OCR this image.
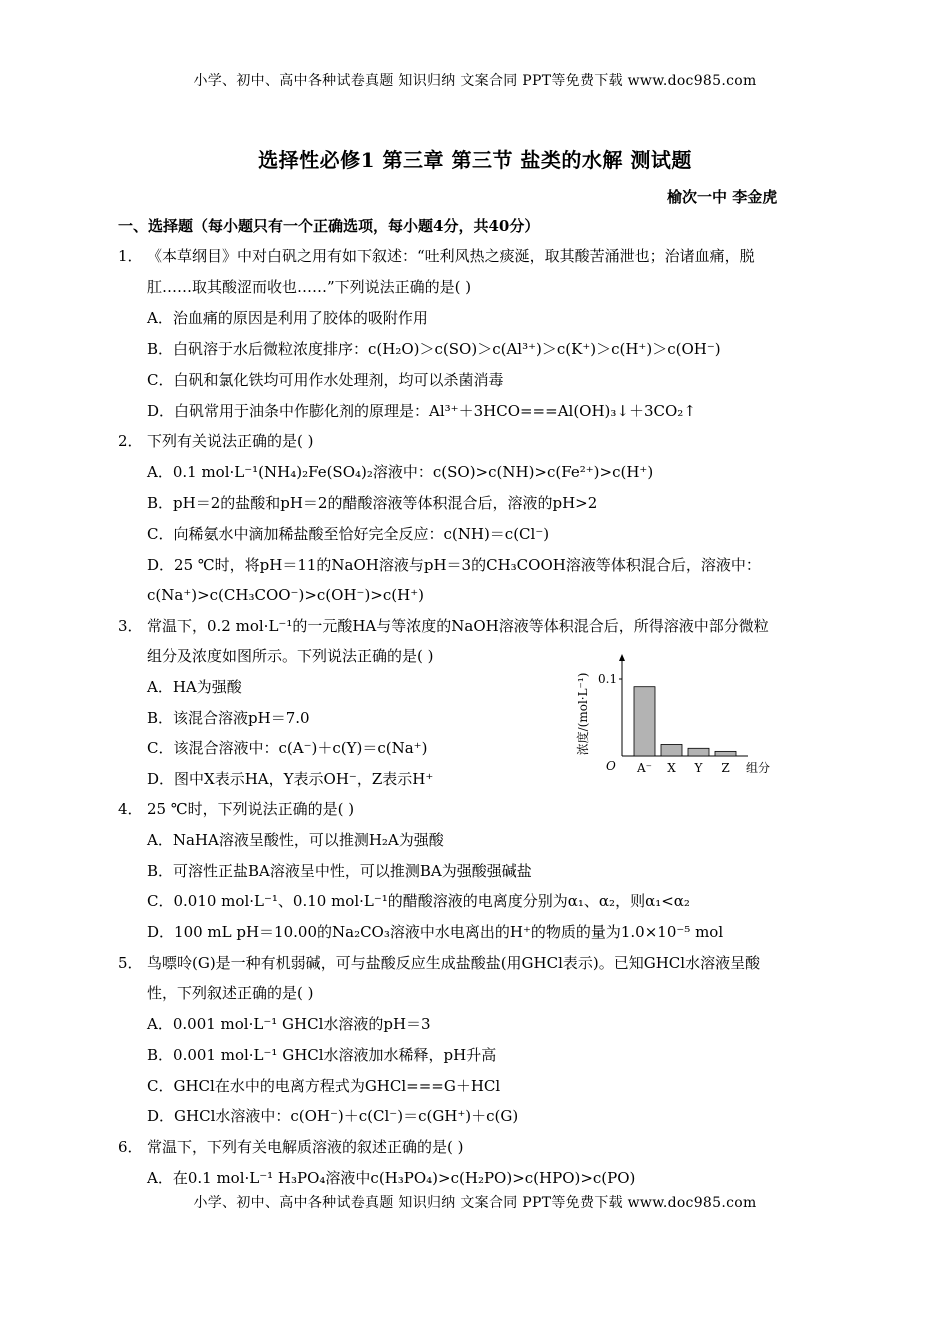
小学、初中、高中各种试卷真题 知识归纳 文案合同 PPT等免费下载 www.doc985.com
选择性必修1 第三章 第三节 盐类的水解 测试题
榆次一中 李金虎
一、选择题（每小题只有一个正确选项，每小题4分，共40分）
1． 《本草纲目》中对白矾之用有如下叙述：“吐利风热之痰涎，取其酸苦涌泄也；治诸血痛，脱
肛……取其酸涩而收也……”下列说法正确的是( )
A．治血痛的原因是利用了胶体的吸附作用
B．白矾溶于水后微粒浓度排序：c(H₂O)＞c(SO)＞c(Al³⁺)＞c(K⁺)＞c(H⁺)＞c(OH⁻)
C．白矾和氯化铁均可用作水处理剂，均可以杀菌消毒
D．白矾常用于油条中作膨化剂的原理是：Al³⁺＋3HCO===Al(OH)₃↓＋3CO₂↑
2． 下列有关说法正确的是( )
A．0.1 mol·L⁻¹(NH₄)₂Fe(SO₄)₂溶液中：c(SO)>c(NH)>c(Fe²⁺)>c(H⁺)
B．pH＝2的盐酸和pH＝2的醋酸溶液等体积混合后，溶液的pH>2
C．向稀氨水中滴加稀盐酸至恰好完全反应：c(NH)＝c(Cl⁻)
D．25 ℃时，将pH＝11的NaOH溶液与pH＝3的CH₃COOH溶液等体积混合后，溶液中：
c(Na⁺)>c(CH₃COO⁻)>c(OH⁻)>c(H⁺)
3． 常温下，0.2 mol·L⁻¹的一元酸HA与等浓度的NaOH溶液等体积混合后，所得溶液中部分微粒
组分及浓度如图所示。下列说法正确的是( )
A．HA为强酸
B．该混合溶液pH＝7.0
C．该混合溶液中：c(A⁻)＋c(Y)＝c(Na⁺)
D．图中X表示HA，Y表示OH⁻，Z表示H⁺
浓度/(mol·L⁻¹) 0.1
O A⁻ X Y Z 组分
4． 25 ℃时，下列说法正确的是( )
A．NaHA溶液呈酸性，可以推测H₂A为强酸
B．可溶性正盐BA溶液呈中性，可以推测BA为强酸强碱盐
C．0.010 mol·L⁻¹、0.10 mol·L⁻¹的醋酸溶液的电离度分别为α₁、α₂，则α₁<α₂
D．100 mL pH＝10.00的Na₂CO₃溶液中水电离出的H⁺的物质的量为1.0×10⁻⁵ mol
5． 鸟嘌呤(G)是一种有机弱碱，可与盐酸反应生成盐酸盐(用GHCl表示)。已知GHCl水溶液呈酸
性，下列叙述正确的是( )
A．0.001 mol·L⁻¹ GHCl水溶液的pH＝3
B．0.001 mol·L⁻¹ GHCl水溶液加水稀释，pH升高
C．GHCl在水中的电离方程式为GHCl===G＋HCl
D．GHCl水溶液中：c(OH⁻)＋c(Cl⁻)＝c(GH⁺)＋c(G)
6． 常温下，下列有关电解质溶液的叙述正确的是( )
A．在0.1 mol·L⁻¹ H₃PO₄溶液中c(H₃PO₄)>c(H₂PO)>c(HPO)>c(PO)
小学、初中、高中各种试卷真题 知识归纳 文案合同 PPT等免费下载 www.doc985.com
